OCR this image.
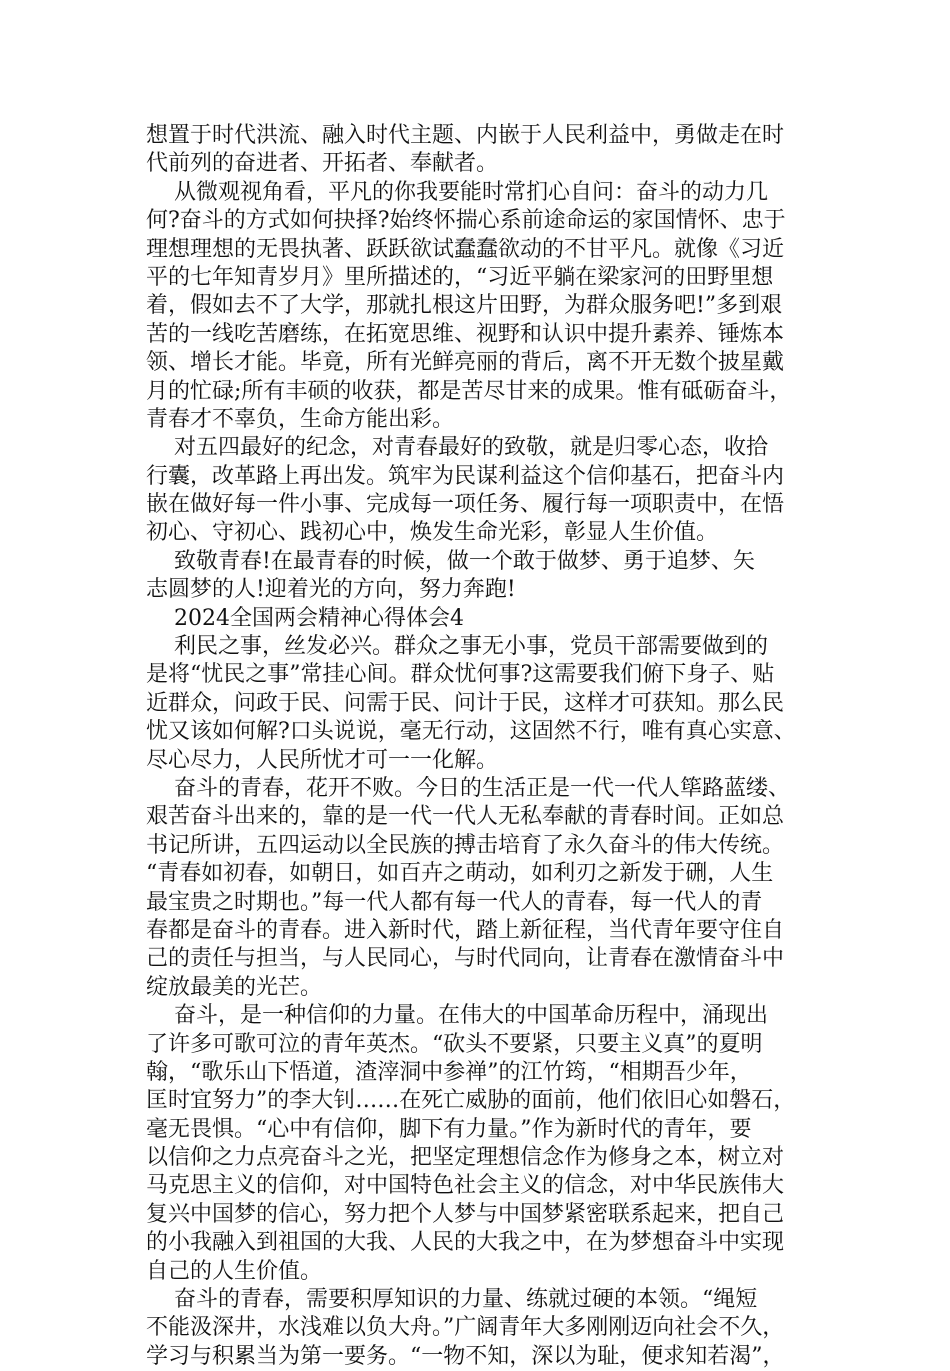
想置于时代洪流、融入时代主题、内嵌于人民利益中，勇做走在时
代前列的奋进者、开拓者、奉献者。
从微观视角看，平凡的你我要能时常扪心自问：奋斗的动力几
何?奋斗的方式如何抉择?始终怀揣心系前途命运的家国情怀、忠于
理想理想的无畏执著、跃跃欲试蠢蠢欲动的不甘平凡。就像《习近
平的七年知青岁月》里所描述的，“习近平躺在梁家河的田野里想
着，假如去不了大学，那就扎根这片田野，为群众服务吧!”多到艰
苦的一线吃苦磨练，在拓宽思维、视野和认识中提升素养、锤炼本
领、增长才能。毕竟，所有光鲜亮丽的背后，离不开无数个披星戴
月的忙碌;所有丰硕的收获，都是苦尽甘来的成果。惟有砥砺奋斗，
青春才不辜负，生命方能出彩。
对五四最好的纪念，对青春最好的致敬，就是归零心态，收拾
行囊，改革路上再出发。筑牢为民谋利益这个信仰基石，把奋斗内
嵌在做好每一件小事、完成每一项任务、履行每一项职责中，在悟
初心、守初心、践初心中，焕发生命光彩，彰显人生价值。
致敬青春!在最青春的时候，做一个敢于做梦、勇于追梦、矢
志圆梦的人!迎着光的方向，努力奔跑!
2024全国两会精神心得体会4
利民之事，丝发必兴。群众之事无小事，党员干部需要做到的
是将“忧民之事”常挂心间。群众忧何事?这需要我们俯下身子、贴
近群众，问政于民、问需于民、问计于民，这样才可获知。那么民
忧又该如何解?口头说说，毫无行动，这固然不行，唯有真心实意、
尽心尽力，人民所忧才可一一化解。
奋斗的青春，花开不败。今日的生活正是一代一代人筚路蓝缕、
艰苦奋斗出来的，靠的是一代一代人无私奉献的青春时间。正如总
书记所讲，五四运动以全民族的搏击培育了永久奋斗的伟大传统。
“青春如初春，如朝日，如百卉之萌动，如利刃之新发于硎，人生
最宝贵之时期也。”每一代人都有每一代人的青春，每一代人的青
春都是奋斗的青春。进入新时代，踏上新征程，当代青年要守住自
己的责任与担当，与人民同心，与时代同向，让青春在激情奋斗中
绽放最美的光芒。
奋斗，是一种信仰的力量。在伟大的中国革命历程中，涌现出
了许多可歌可泣的青年英杰。“砍头不要紧，只要主义真”的夏明
翰，“歌乐山下悟道，渣滓洞中参禅”的江竹筠，“相期吾少年，
匡时宜努力”的李大钊……在死亡威胁的面前，他们依旧心如磐石，
毫无畏惧。“心中有信仰，脚下有力量。”作为新时代的青年，要
以信仰之力点亮奋斗之光，把坚定理想信念作为修身之本，树立对
马克思主义的信仰，对中国特色社会主义的信念，对中华民族伟大
复兴中国梦的信心，努力把个人梦与中国梦紧密联系起来，把自己
的小我融入到祖国的大我、人民的大我之中，在为梦想奋斗中实现
自己的人生价值。
奋斗的青春，需要积厚知识的力量、练就过硬的本领。“绳短
不能汲深井，水浅难以负大舟。”广阔青年大多刚刚迈向社会不久，
学习与积累当为第一要务。“一物不知，深以为耻，便求知若渴”，
